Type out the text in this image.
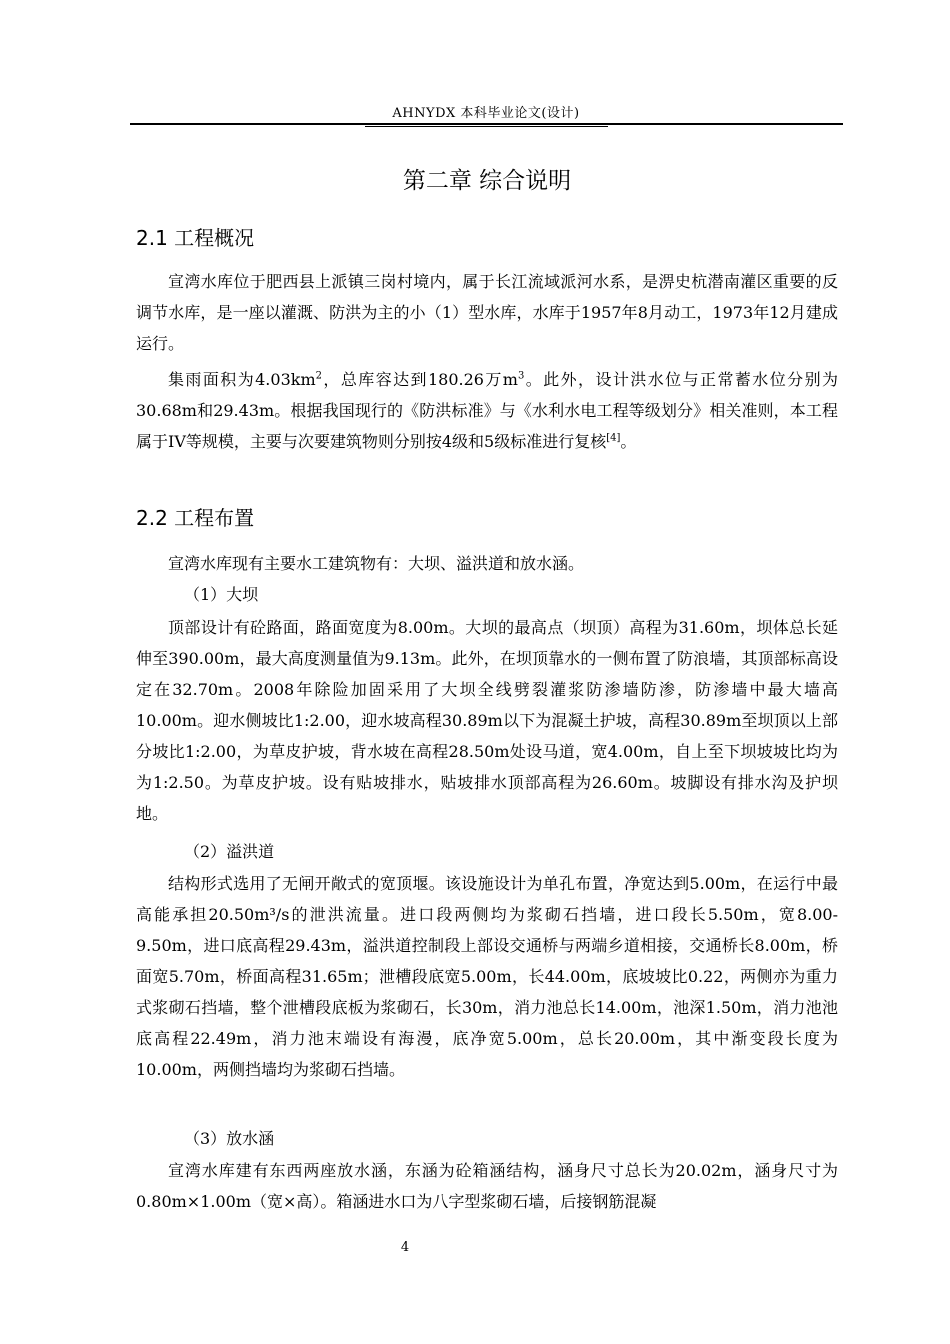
AHNYDX 本科毕业论文(设计)
第二章 综合说明
2.1 工程概况
宣湾水库位于肥西县上派镇三岗村境内，属于长江流域派河水系，是淠史杭潜南灌区重要的反调节水库，是一座以灌溉、防洪为主的小（1）型水库，水库于1957年8月动工，1973年12月建成运行。
集雨面积为$4.03km^2$，总库容达到180.26万$m^3$。此外，设计洪水位与正常蓄水位分别为30.68m和29.43m。根据我国现行的《防洪标准》与《水利水电工程等级划分》相关准则，本工程属于IV等规模，主要与次要建筑物则分别按4级和5级标准进行复核[4]。
2.2 工程布置
宣湾水库现有主要水工建筑物有：大坝、溢洪道和放水涵。
（1）大坝
顶部设计有砼路面，路面宽度为8.00m。大坝的最高点（坝顶）高程为31.60m，坝体总长延伸至390.00m，最大高度测量值为9.13m。此外，在坝顶靠水的一侧布置了防浪墙，其顶部标高设定在32.70m。2008年除险加固采用了大坝全线劈裂灌浆防渗墙防渗，防渗墙中最大墙高10.00m。迎水侧坡比1:2.00，迎水坡高程30.89m以下为混凝土护坡，高程30.89m至坝顶以上部分坡比1:2.00，为草皮护坡，背水坡在高程28.50m处设马道，宽4.00m，自上至下坝坡坡比均为为1:2.50。为草皮护坡。设有贴坡排水，贴坡排水顶部高程为26.60m。坡脚设有排水沟及护坝地。
（2）溢洪道
结构形式选用了无闸开敞式的宽顶堰。该设施设计为单孔布置，净宽达到5.00m，在运行中最高能承担20.50m³/s的泄洪流量。进口段两侧均为浆砌石挡墙，进口段长5.50m，宽8.00-9.50m，进口底高程29.43m，溢洪道控制段上部设交通桥与两端乡道相接，交通桥长8.00m，桥面宽5.70m，桥面高程31.65m；泄槽段底宽5.00m，长44.00m，底坡坡比0.22，两侧亦为重力式浆砌石挡墙，整个泄槽段底板为浆砌石，长30m，消力池总长14.00m，池深1.50m，消力池池底高程22.49m，消力池末端设有海漫，底净宽5.00m，总长20.00m，其中渐变段长度为10.00m，两侧挡墙均为浆砌石挡墙。
（3）放水涵
宣湾水库建有东西两座放水涵，东涵为砼箱涵结构，涵身尺寸总长为20.02m，涵身尺寸为0.80m×1.00m（宽×高）。箱涵进水口为八字型浆砌石墙，后接钢筋混凝
4
